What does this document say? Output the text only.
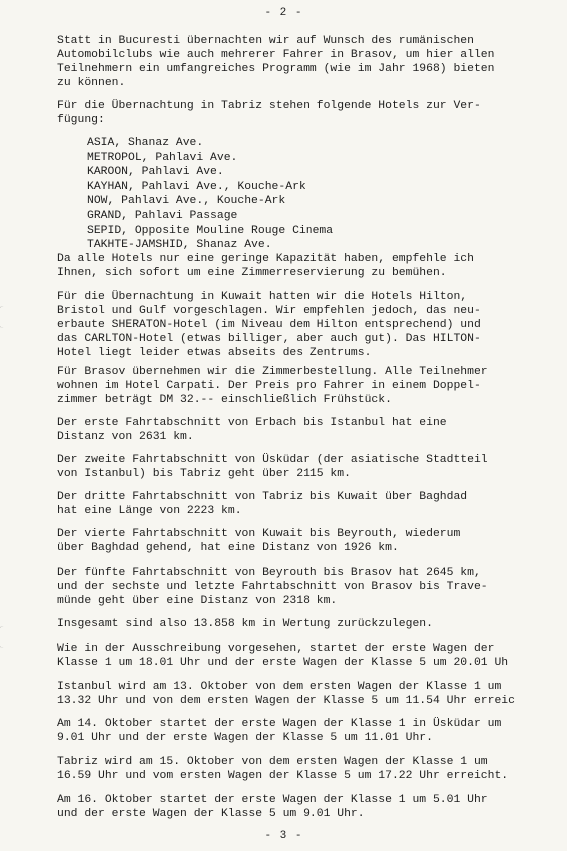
- 2 -

Statt in Bucuresti übernachten wir auf Wunsch des rumänischen
Automobilclubs wie auch mehrerer Fahrer in Brasov, um hier allen
Teilnehmern ein umfangreiches Programm (wie im Jahr 1968) bieten
zu können.

Für die Übernachtung in Tabriz stehen folgende Hotels zur Ver-
fügung:

ASIA, Shanaz Ave.
METROPOL, Pahlavi Ave.
KAROON, Pahlavi Ave.
KAYHAN, Pahlavi Ave., Kouche-Ark
NOW, Pahlavi Ave., Kouche-Ark
GRAND, Pahlavi Passage
SEPID, Opposite Mouline Rouge Cinema
TAKHTE-JAMSHID, Shanaz Ave.

Da alle Hotels nur eine geringe Kapazität haben, empfehle ich
Ihnen, sich sofort um eine Zimmerreservierung zu bemühen.

Für die Übernachtung in Kuwait hatten wir die Hotels Hilton,
Bristol und Gulf vorgeschlagen. Wir empfehlen jedoch, das neu-
erbaute SHERATON-Hotel (im Niveau dem Hilton entsprechend) und
das CARLTON-Hotel (etwas billiger, aber auch gut). Das HILTON-
Hotel liegt leider etwas abseits des Zentrums.

Für Brasov übernehmen wir die Zimmerbestellung. Alle Teilnehmer
wohnen im Hotel Carpati. Der Preis pro Fahrer in einem Doppel-
zimmer beträgt DM 32.-- einschließlich Frühstück.

Der erste Fahrtabschnitt von Erbach bis Istanbul hat eine
Distanz von 2631 km.

Der zweite Fahrtabschnitt von Üsküdar (der asiatische Stadtteil
von Istanbul) bis Tabriz geht über 2115 km.

Der dritte Fahrtabschnitt von Tabriz bis Kuwait über Baghdad
hat eine Länge von 2223 km.

Der vierte Fahrtabschnitt von Kuwait bis Beyrouth, wiederum
über Baghdad gehend, hat eine Distanz von 1926 km.

Der fünfte Fahrtabschnitt von Beyrouth bis Brasov hat 2645 km,
und der sechste und letzte Fahrtabschnitt von Brasov bis Trave-
münde geht über eine Distanz von 2318 km.

Insgesamt sind also 13.858 km in Wertung zurückzulegen.

Wie in der Ausschreibung vorgesehen, startet der erste Wagen der
Klasse 1 um 18.01 Uhr und der erste Wagen der Klasse 5 um 20.01 Uh

Istanbul wird am 13. Oktober von dem ersten Wagen der Klasse 1 um
13.32 Uhr und von dem ersten Wagen der Klasse 5 um 11.54 Uhr erreic

Am 14. Oktober startet der erste Wagen der Klasse 1 in Üsküdar um
9.01 Uhr und der erste Wagen der Klasse 5 um 11.01 Uhr.

Tabriz wird am 15. Oktober von dem ersten Wagen der Klasse 1 um
16.59 Uhr und vom ersten Wagen der Klasse 5 um 17.22 Uhr erreicht.

Am 16. Oktober startet der erste Wagen der Klasse 1 um 5.01 Uhr
und der erste Wagen der Klasse 5 um 9.01 Uhr.

- 3 -
